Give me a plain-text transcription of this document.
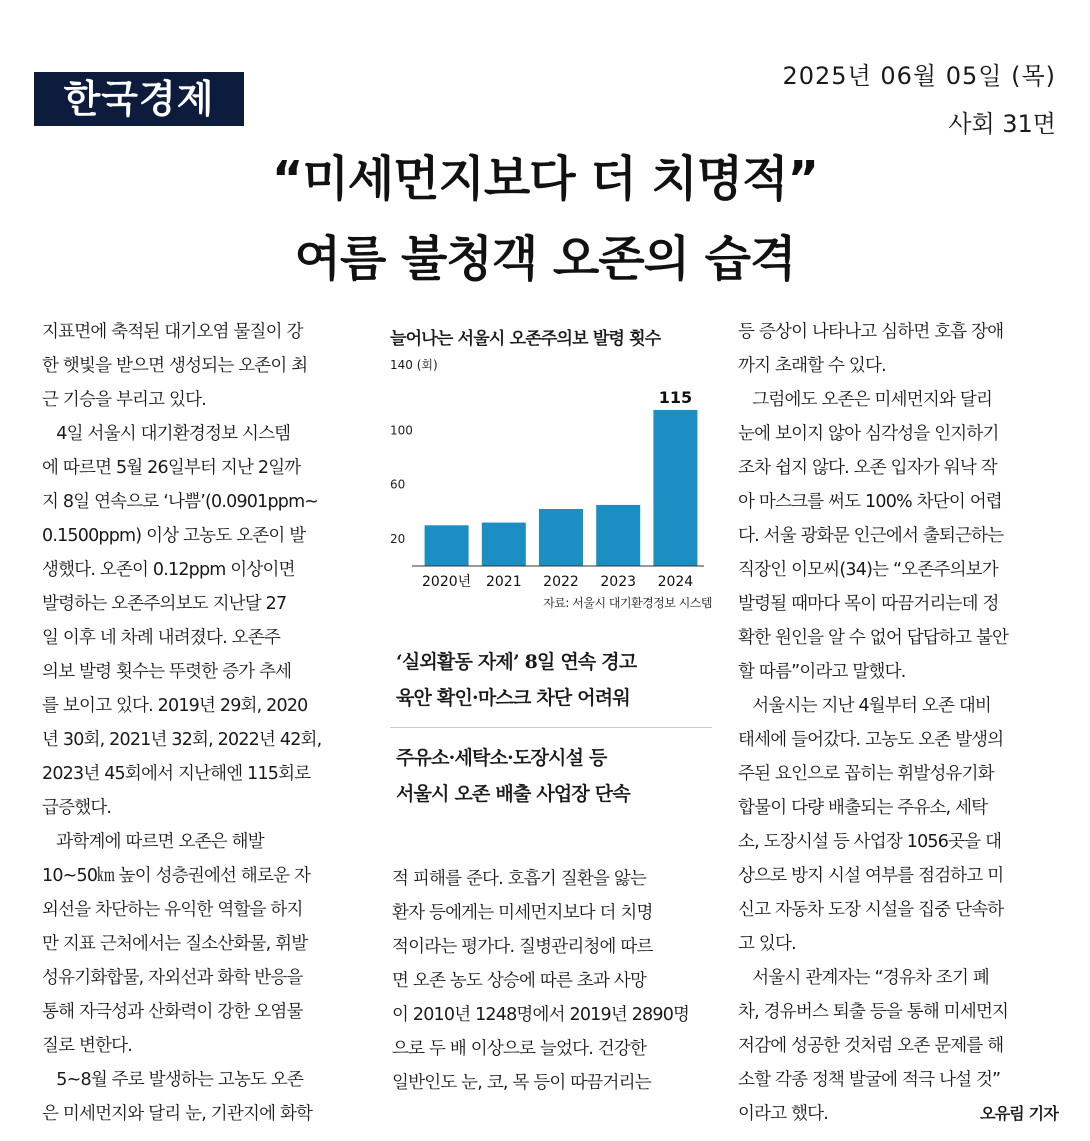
한국경제	2025년 06월 05일 (목)
사회 31면
“미세먼지보다 더 치명적”
여름 불청객 오존의 습격

지표면에 축적된 대기오염 물질이 강

한 햇빛을 받으면 생성되는 오존이 최

근 기승을 부리고 있다.

4일 서울시 대기환경정보 시스템

에 따르면 5월 26일부터 지난 2일까

지 8일 연속으로 ‘나쁨’(0.0901ppm~

0.1500ppm) 이상 고농도 오존이 발

생했다. 오존이 0.12ppm 이상이면

발령하는 오존주의보도 지난달 27

일 이후 네 차례 내려졌다. 오존주

의보 발령 횟수는 뚜렷한 증가 추세

를 보이고 있다. 2019년 29회, 2020

년 30회, 2021년 32회, 2022년 42회,

2023년 45회에서 지난해엔 115회로

급증했다.

과학계에 따르면 오존은 해발

10~50㎞ 높이 성층권에선 해로운 자

외선을 차단하는 유익한 역할을 하지

만 지표 근처에서는 질소산화물, 휘발

성유기화합물, 자외선과 화학 반응을

통해 자극성과 산화력이 강한 오염물

질로 변한다.

5~8월 주로 발생하는 고농도 오존

은 미세먼지와 달리 눈, 기관지에 화학

늘어나는 서울시 오존주의보 발령 횟수
140 (회)
20
60
100
2020년 2021 2022 2023
115
2024
자료: 서울시 대기환경정보 시스템
‘실외활동 자제’ 8일 연속 경고
육안 확인·마스크 차단 어려워
주유소·세탁소·도장시설 등
서울시 오존 배출 사업장 단속

적 피해를 준다. 호흡기 질환을 앓는

환자 등에게는 미세먼지보다 더 치명

적이라는 평가다. 질병관리청에 따르

면 오존 농도 상승에 따른 초과 사망

이 2010년 1248명에서 2019년 2890명

으로 두 배 이상으로 늘었다. 건강한

일반인도 눈, 코, 목 등이 따끔거리는

등 증상이 나타나고 심하면 호흡 장애

까지 초래할 수 있다.

그럼에도 오존은 미세먼지와 달리

눈에 보이지 않아 심각성을 인지하기

조차 쉽지 않다. 오존 입자가 워낙 작

아 마스크를 써도 100% 차단이 어렵

다. 서울 광화문 인근에서 출퇴근하는

직장인 이모씨(34)는 “오존주의보가

발령될 때마다 목이 따끔거리는데 정

확한 원인을 알 수 없어 답답하고 불안

할 따름”이라고 말했다.

서울시는 지난 4월부터 오존 대비

태세에 들어갔다. 고농도 오존 발생의

주된 요인으로 꼽히는 휘발성유기화

합물이 다량 배출되는 주유소, 세탁

소, 도장시설 등 사업장 1056곳을 대

상으로 방지 시설 여부를 점검하고 미

신고 자동차 도장 시설을 집중 단속하

고 있다.

서울시 관계자는 “경유차 조기 폐

차, 경유버스 퇴출 등을 통해 미세먼지

저감에 성공한 것처럼 오존 문제를 해

소할 각종 정책 발굴에 적극 나설 것”

이라고 했다.	오유림 기자
